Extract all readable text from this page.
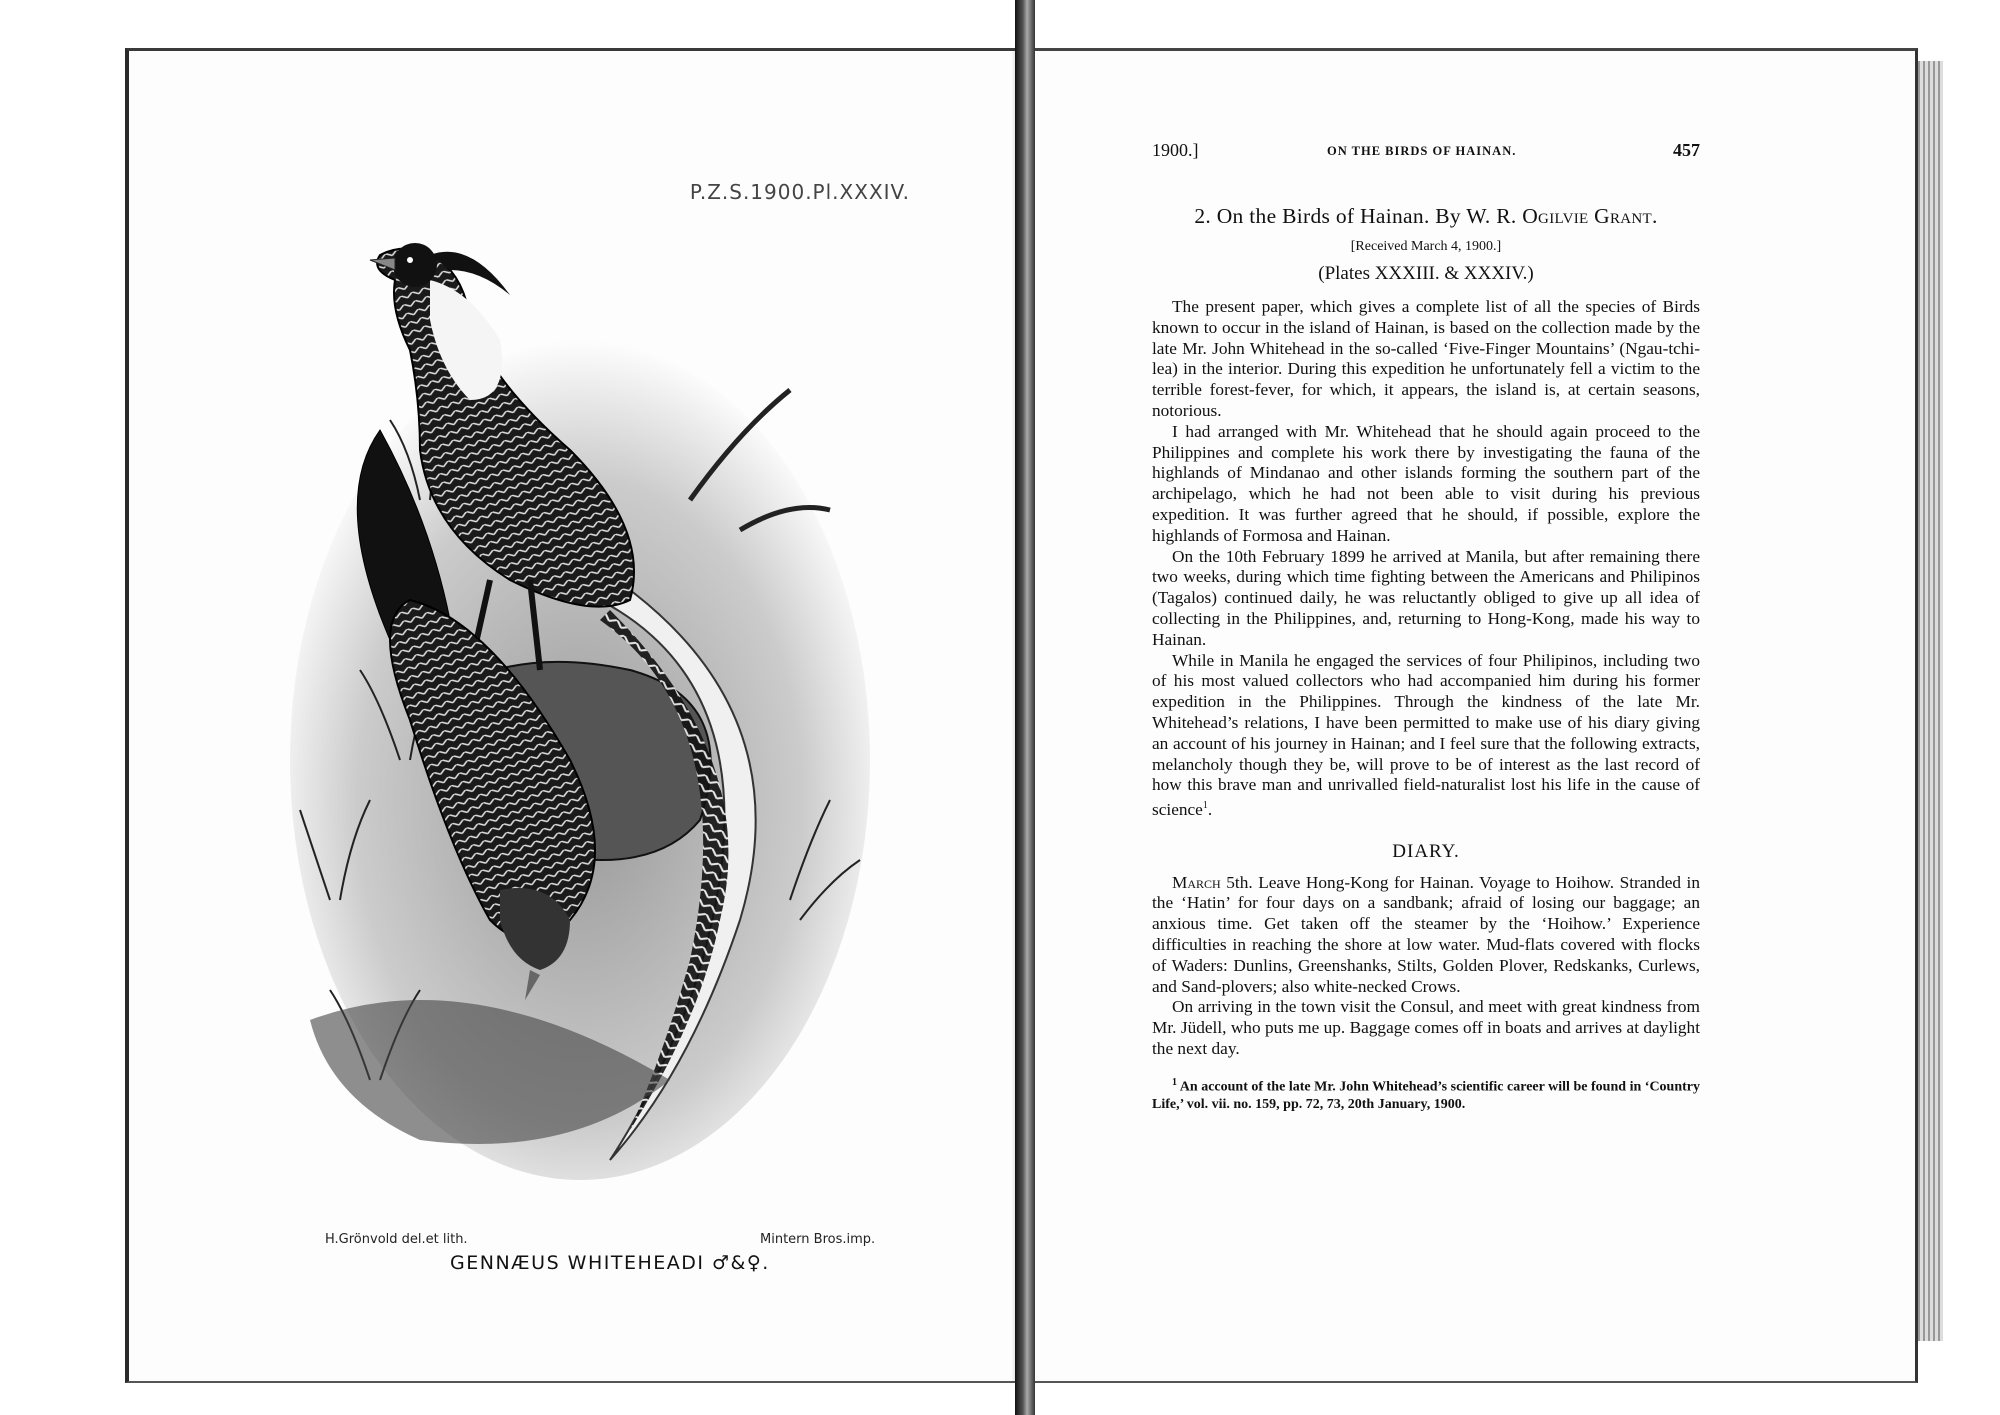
P.Z.S.1900.Pl.XXXIV.
H.Grönvold del.et lith.	Mintern Bros.imp.
GENNÆUS WHITEHEADI ♂&♀.
1900.]	ON THE BIRDS OF HAINAN.	457
2. On the Birds of Hainan. By W. R. Ogilvie Grant.
[Received March 4, 1900.]
(Plates XXXIII. & XXXIV.)

The present paper, which gives a complete list of all the species of Birds known to occur in the island of Hainan, is based on the collection made by the late Mr. John Whitehead in the so-called ‘Five-Finger Mountains’ (Ngau-tchi-lea) in the interior. During this expedition he unfortunately fell a victim to the terrible forest-fever, for which, it appears, the island is, at certain seasons, notorious.

I had arranged with Mr. Whitehead that he should again proceed to the Philippines and complete his work there by investigating the fauna of the highlands of Mindanao and other islands forming the southern part of the archipelago, which he had not been able to visit during his previous expedition. It was further agreed that he should, if possible, explore the highlands of Formosa and Hainan.

On the 10th February 1899 he arrived at Manila, but after remaining there two weeks, during which time fighting between the Americans and Philipinos (Tagalos) continued daily, he was reluctantly obliged to give up all idea of collecting in the Philippines, and, returning to Hong-Kong, made his way to Hainan.

While in Manila he engaged the services of four Philipinos, including two of his most valued collectors who had accompanied him during his former expedition in the Philippines. Through the kindness of the late Mr. Whitehead’s relations, I have been permitted to make use of his diary giving an account of his journey in Hainan; and I feel sure that the following extracts, melancholy though they be, will prove to be of interest as the last record of how this brave man and unrivalled field-naturalist lost his life in the cause of science$^1$.

DIARY.

March 5th. Leave Hong-Kong for Hainan. Voyage to Hoihow. Stranded in the ‘Hatin’ for four days on a sandbank; afraid of losing our baggage; an anxious time. Get taken off the steamer by the ‘Hoihow.’ Experience difficulties in reaching the shore at low water. Mud-flats covered with flocks of Waders: Dunlins, Greenshanks, Stilts, Golden Plover, Redskanks, Curlews, and Sand-plovers; also white-necked Crows.

On arriving in the town visit the Consul, and meet with great kindness from Mr. Jüdell, who puts me up. Baggage comes off in boats and arrives at daylight the next day.

$^1$ An account of the late Mr. John Whitehead’s scientific career will be found in ‘Country Life,’ vol. vii. no. 159, pp. 72, 73, 20th January, 1900.
